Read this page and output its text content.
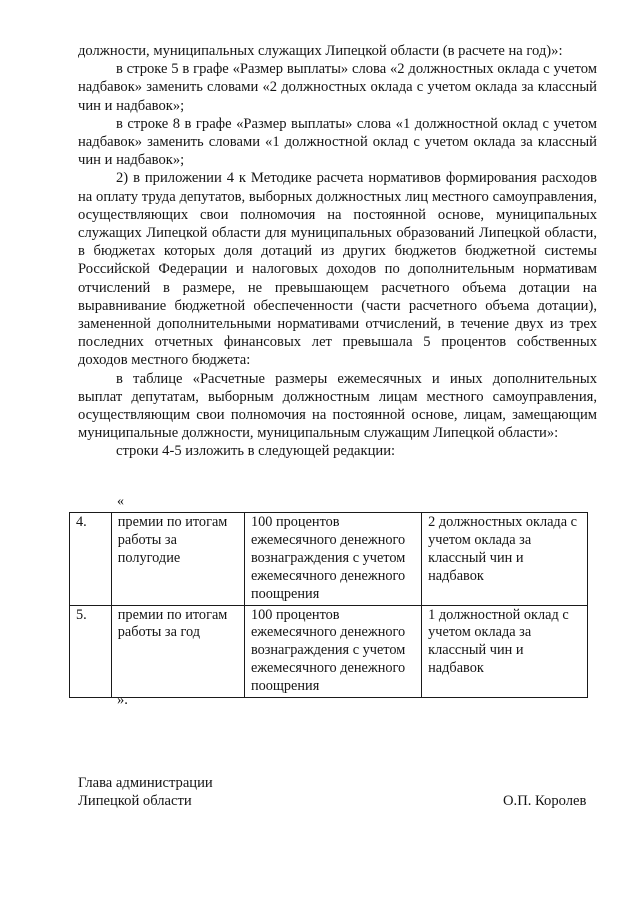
должности, муниципальных служащих Липецкой области (в расчете на год)»:

в строке 5 в графе «Размер выплаты» слова «2 должностных оклада с учетом надбавок» заменить словами «2 должностных оклада с учетом оклада за классный чин и надбавок»;

в строке 8 в графе «Размер выплаты» слова «1 должностной оклад с учетом надбавок» заменить словами «1 должностной оклад с учетом оклада за классный чин и надбавок»;

2) в приложении 4 к Методике расчета нормативов формирования расходов на оплату труда депутатов, выборных должностных лиц местного самоуправления, осуществляющих свои полномочия на постоянной основе, муниципальных служащих Липецкой области для муниципальных образований Липецкой области, в бюджетах которых доля дотаций из других бюджетов бюджетной системы Российской Федерации и налоговых доходов по дополнительным нормативам отчислений в размере, не превышающем расчетного объема дотации на выравнивание бюджетной обеспеченности (части расчетного объема дотации), замененной дополнительными нормативами отчислений, в течение двух из трех последних отчетных финансовых лет превышала 5 процентов собственных доходов местного бюджета:

в таблице «Расчетные размеры ежемесячных и иных дополнительных выплат депутатам, выборным должностным лицам местного самоуправления, осуществляющим свои полномочия на постоянной основе, лицам, замещающим муниципальные должности, муниципальным служащим Липецкой области»:

строки 4-5 изложить в следующей редакции:

«
4.	премии по итогам работы за полугодие	100 процентов ежемесячного денежного вознаграждения с учетом ежемесячного денежного поощрения	2 должностных оклада с учетом оклада за классный чин и надбавок
5.	премии по итогам работы за год	100 процентов ежемесячного денежного вознаграждения с учетом ежемесячного денежного поощрения	1 должностной оклад с учетом оклада за классный чин и надбавок
».
Глава администрации
Липецкой области	О.П. Королев
